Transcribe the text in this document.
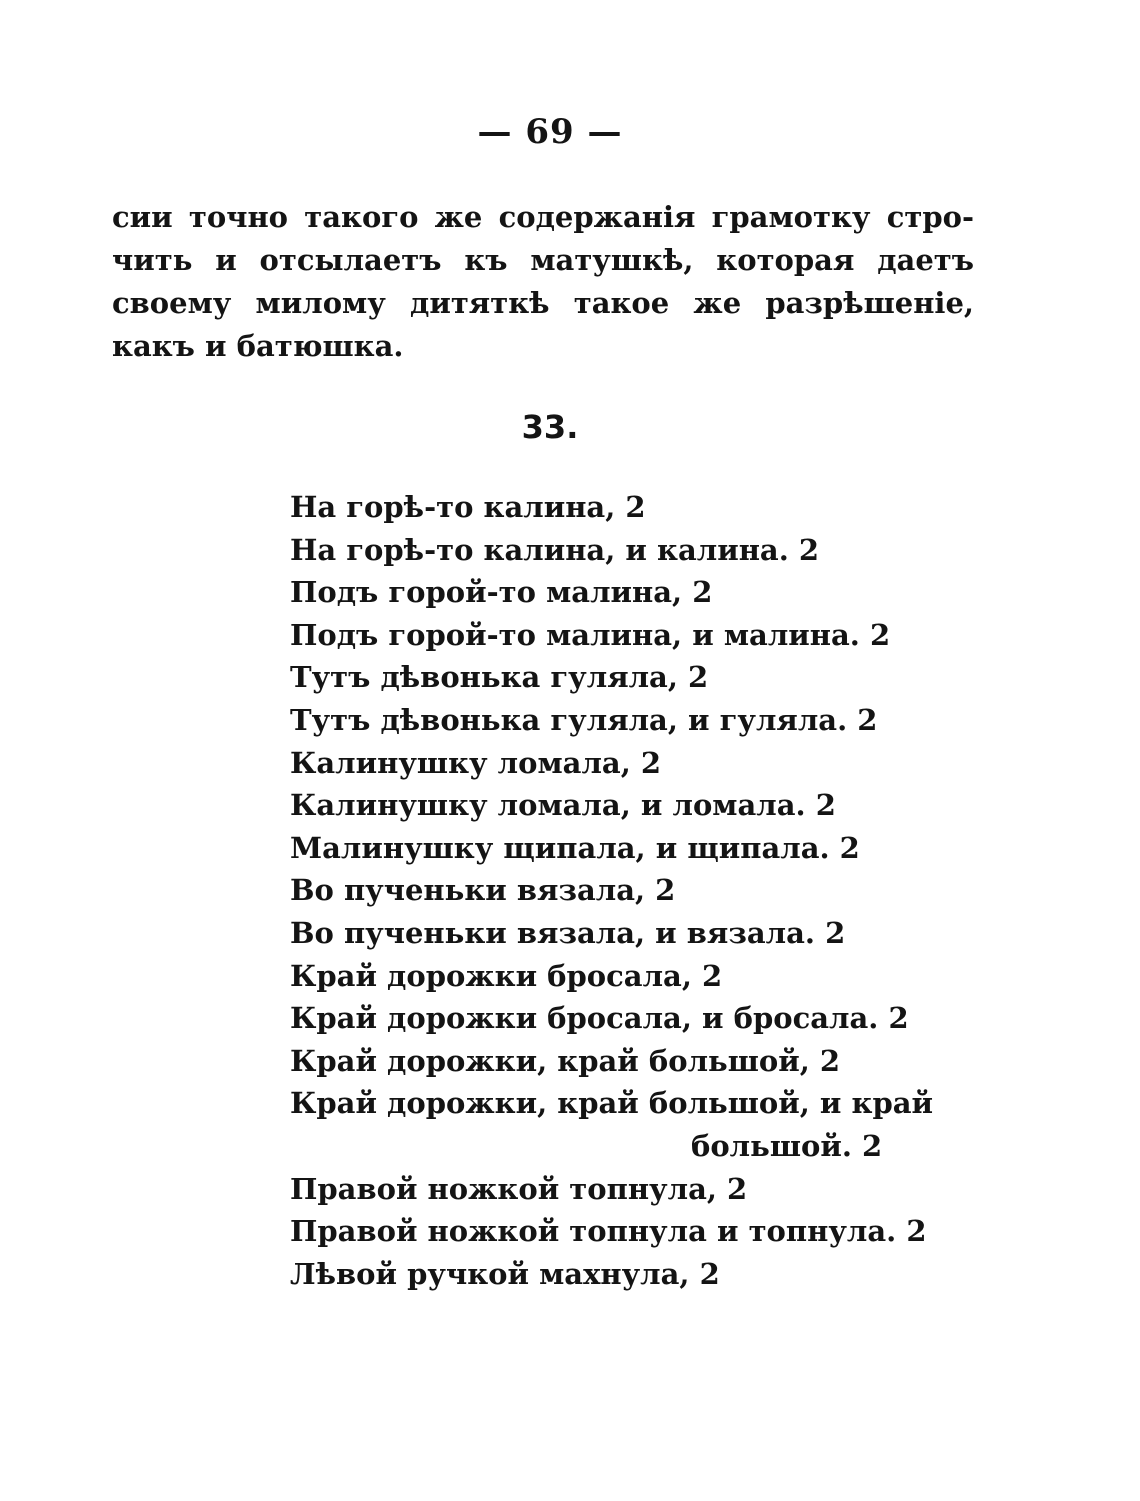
— 69 —
сии точно такого же содержанія грамотку стро-
чить и отсылаетъ къ матушкѣ, которая даетъ
своему милому дитяткѣ такое же разрѣшеніе,
какъ и батюшка.
33.
На горѣ-то калина, 2
На горѣ-то калина, и калина. 2
Подъ горой-то малина, 2
Подъ горой-то малина, и малина. 2
Тутъ дѣвонька гуляла, 2
Тутъ дѣвонька гуляла, и гуляла. 2
Калинушку ломала, 2
Калинушку ломала, и ломала. 2
Малинушку щипала, и щипала. 2
Во пученьки вязала, 2
Во пученьки вязала, и вязала. 2
Край дорожки бросала, 2
Край дорожки бросала, и бросала. 2
Край дорожки, край большой, 2
Край дорожки, край большой, и край
большой. 2
Правой ножкой топнула, 2
Правой ножкой топнула и топнула. 2
Лѣвой ручкой махнула, 2
